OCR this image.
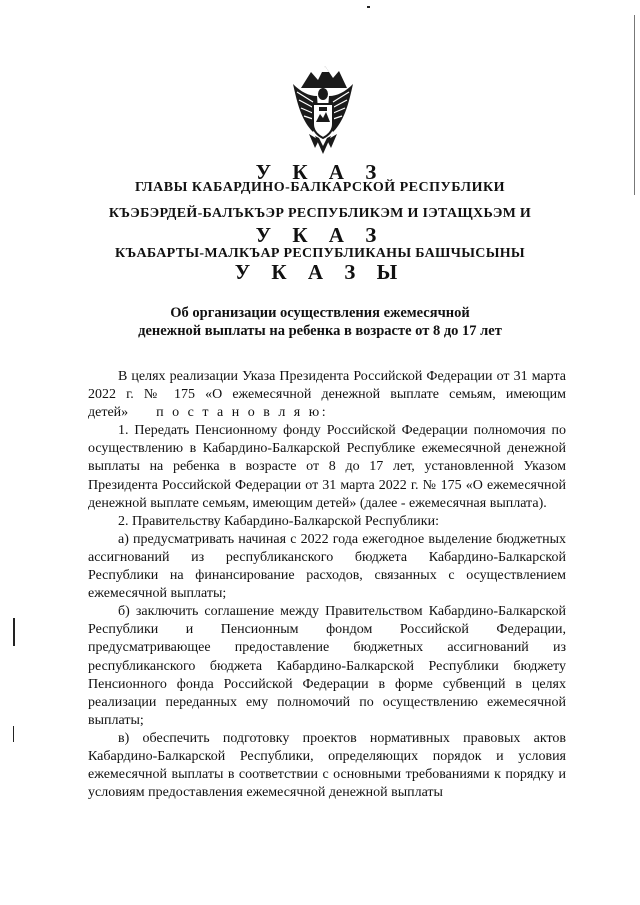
У К А З
ГЛАВЫ КАБАРДИНО-БАЛКАРСКОЙ РЕСПУБЛИКИ
КЪЭБЭРДЕЙ-БАЛЪКЪЭР РЕСПУБЛИКЭМ И ІЭТАЩХЬЭМ И
У К А З
КЪАБАРТЫ-МАЛКЪАР РЕСПУБЛИКАНЫ БАШЧЫСЫНЫ
У К А З Ы
Об организации осуществления ежемесячной
денежной выплаты на ребенка в возрасте от 8 до 17 лет

В целях реализации Указа Президента Российской Федерации от 31 марта 2022 г. № 175 «О ежемесячной денежной выплате семьям, имеющим детей» п о с т а н о в л я ю:

1. Передать Пенсионному фонду Российской Федерации полномочия по осуществлению в Кабардино-Балкарской Республике ежемесячной денежной выплаты на ребенка в возрасте от 8 до 17 лет, установленной Указом Президента Российской Федерации от 31 марта 2022 г. № 175 «О ежемесячной денежной выплате семьям, имеющим детей» (далее - ежемесячная выплата).

2. Правительству Кабардино-Балкарской Республики:

а) предусматривать начиная с 2022 года ежегодное выделение бюджетных ассигнований из республиканского бюджета Кабардино-Балкарской Республики на финансирование расходов, связанных с осуществлением ежемесячной выплаты;

б) заключить соглашение между Правительством Кабардино-Балкарской Республики и Пенсионным фондом Российской Федерации, предусматривающее предоставление бюджетных ассигнований из республиканского бюджета Кабардино-Балкарской Республики бюджету Пенсионного фонда Российской Федерации в форме субвенций в целях реализации переданных ему полномочий по осуществлению ежемесячной выплаты;

в) обеспечить подготовку проектов нормативных правовых актов Кабардино-Балкарской Республики, определяющих порядок и условия ежемесячной выплаты в соответствии с основными требованиями к порядку и условиям предоставления ежемесячной денежной выплаты
